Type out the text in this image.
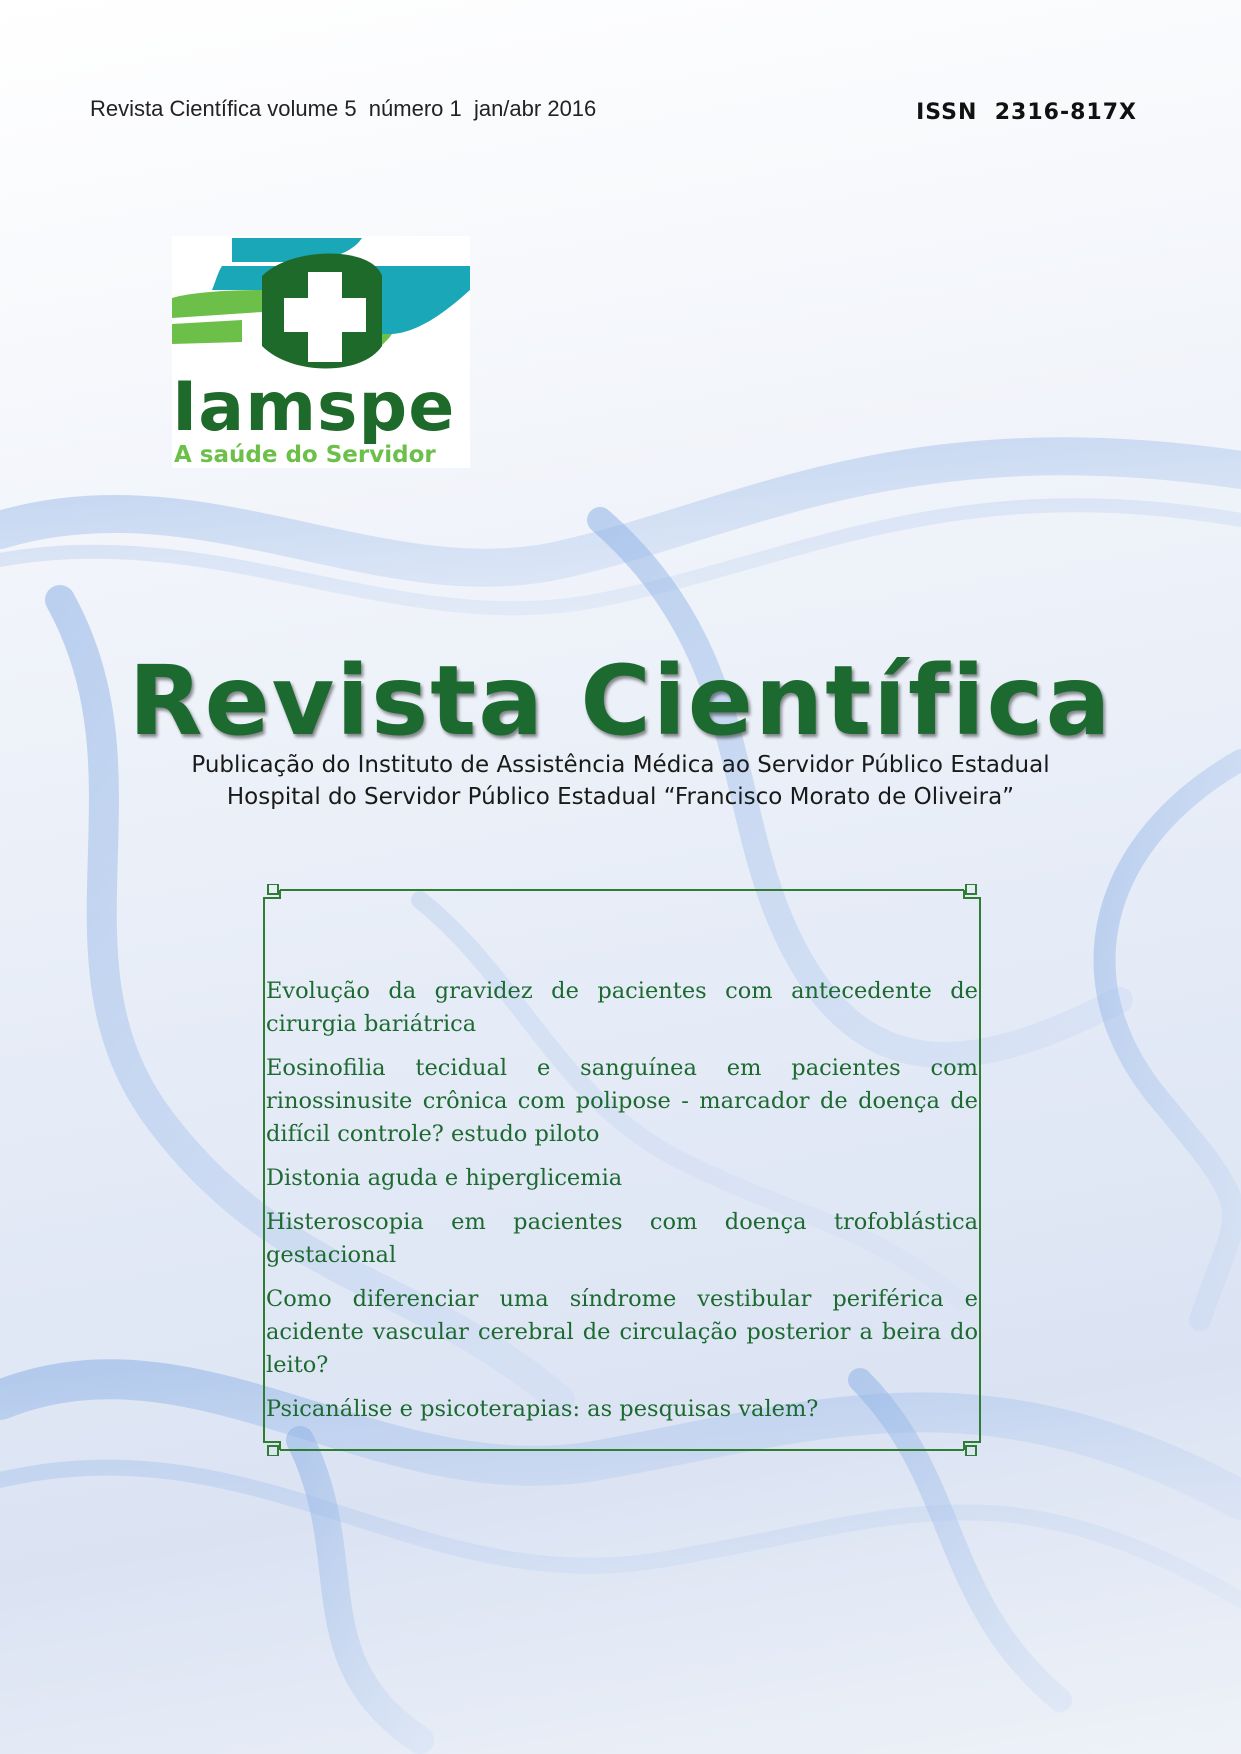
Revista Científica volume 5  número 1  jan/abr 2016	ISSN  2316-817X
Iamspe
A saúde do Servidor
Revista Científica
Publicação do Instituto de Assistência Médica ao Servidor Público Estadual
Hospital do Servidor Público Estadual “Francisco Morato de Oliveira”

Evolução da gravidez de pacientes com antecedente de cirurgia bariátrica

Eosinofilia tecidual e sanguínea em pacientes com rinossinusite crônica com polipose - marcador de doença de difícil controle? estudo piloto

Distonia aguda e hiperglicemia

Histeroscopia em pacientes com doença trofoblástica gestacional

Como diferenciar uma síndrome vestibular periférica e acidente vascular cerebral de circulação posterior a beira do leito?

Psicanálise e psicoterapias: as pesquisas valem?
